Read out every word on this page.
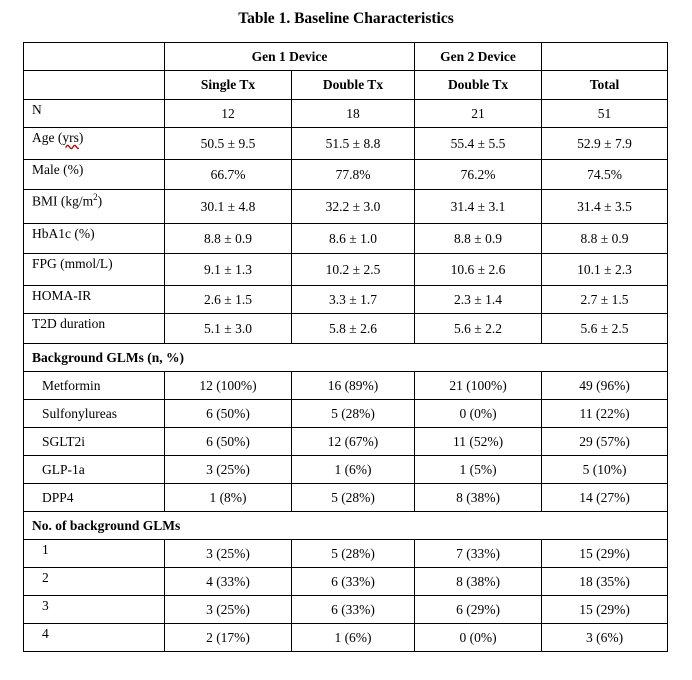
Table 1. Baseline Characteristics
	Gen 1 Device		Gen 2 Device	
	Single Tx	Double Tx	Double Tx	Total
N	12	18	21	51
Age (yrs)	50.5 ± 9.5	51.5 ± 8.8	55.4 ± 5.5	52.9 ± 7.9
Male (%)	66.7%	77.8%	76.2%	74.5%
BMI $(kg/m^2)$	30.1 ± 4.8	32.2 ± 3.0	31.4 ± 3.1	31.4 ± 3.5
HbA1c (%)	8.8 ± 0.9	8.6 ± 1.0	8.8 ± 0.9	8.8 ± 0.9
FPG (mmol/L)	9.1 ± 1.3	10.2 ± 2.5	10.6 ± 2.6	10.1 ± 2.3
HOMA-IR	2.6 ± 1.5	3.3 ± 1.7	2.3 ± 1.4	2.7 ± 1.5
T2D duration	5.1 ± 3.0	5.8 ± 2.6	5.6 ± 2.2	5.6 ± 2.5
Background GLMs (n, %)				
Metformin	12 (100%)	16 (89%)	21 (100%)	49 (96%)
Sulfonylureas	6 (50%)	5 (28%)	0 (0%)	11 (22%)
SGLT2i	6 (50%)	12 (67%)	11 (52%)	29 (57%)
GLP-1a	3 (25%)	1 (6%)	1 (5%)	5 (10%)
DPP4	1 (8%)	5 (28%)	8 (38%)	14 (27%)
No. of background GLMs				
1	3 (25%)	5 (28%)	7 (33%)	15 (29%)
2	4 (33%)	6 (33%)	8 (38%)	18 (35%)
3	3 (25%)	6 (33%)	6 (29%)	15 (29%)
4	2 (17%)	1 (6%)	0 (0%)	3 (6%)
